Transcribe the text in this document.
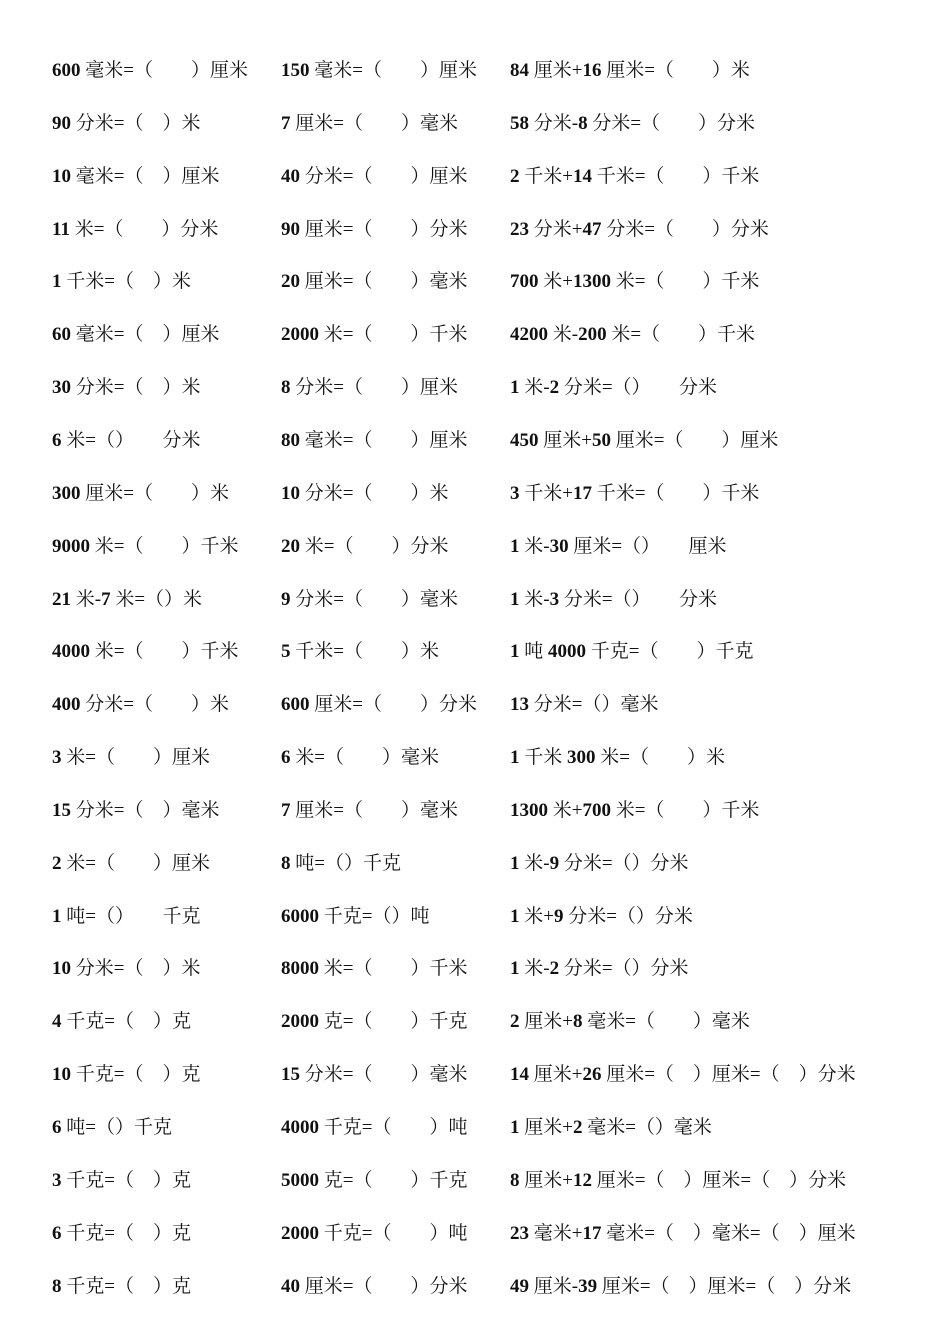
600 毫米=（　　）厘米 150 毫米=（　　）厘米 84 厘米+16 厘米=（　　）米
90 分米=（　）米	7 厘米=（　　）毫米	58 分米-8 分米=（　　）分米
10 毫米=（　）厘米	40 分米=（　　）厘米 2 千米+14 千米=（　　）千米
11 米=（　　）分米	90 厘米=（　　）分米 23 分米+47 分米=（　　）分米
1 千米=（　）米	20 厘米=（　　）毫米 700 米+1300 米=（　　）千米
60 毫米=（　）厘米	2000 米=（　　）千米 4200 米-200 米=（　　）千米
30 分米=（　）米	8 分米=（　　）厘米	1 米-2 分米=（）　　分米
6 米=（）　　分米	80 毫米=（　　）厘米 450 厘米+50 厘米=（　　）厘米
300 厘米=（　　）米	10 分米=（　　）米	3 千米+17 千米=（　　）千米
9000 米=（　　）千米 20 米=（　　）分米	1 米-30 厘米=（）　　厘米
21 米-7 米=（）米	9 分米=（　　）毫米	1 米-3 分米=（）　　分米
4000 米=（　　）千米 5 千米=（　　）米	1 吨 4000 千克=（　　）千克
400 分米=（　　）米	600 厘米=（　　）分米 13 分米=（）毫米
3 米=（　　）厘米	6 米=（　　）毫米	1 千米 300 米=（　　）米
15 分米=（　）毫米	7 厘米=（　　）毫米	1300 米+700 米=（　　）千米
2 米=（　　）厘米	8 吨=（）千克	1 米-9 分米=（）分米
1 吨=（）　　千克	6000 千克=（）吨	1 米+9 分米=（）分米
10 分米=（　）米	8000 米=（　　）千米 1 米-2 分米=（）分米
4 千克=（　）克	2000 克=（　　）千克 2 厘米+8 毫米=（　　）毫米
10 千克=（　）克	15 分米=（　　）毫米 14 厘米+26 厘米=（　）厘米=（　）分米
6 吨=（）千克	4000 千克=（　　）吨 1 厘米+2 毫米=（）毫米
3 千克=（　）克	5000 克=（　　）千克 8 厘米+12 厘米=（　）厘米=（　）分米
6 千克=（　）克	2000 千克=（　　）吨 23 毫米+17 毫米=（　）毫米=（　）厘米
8 千克=（　）克	40 厘米=（　　）分米 49 厘米-39 厘米=（　）厘米=（　）分米
